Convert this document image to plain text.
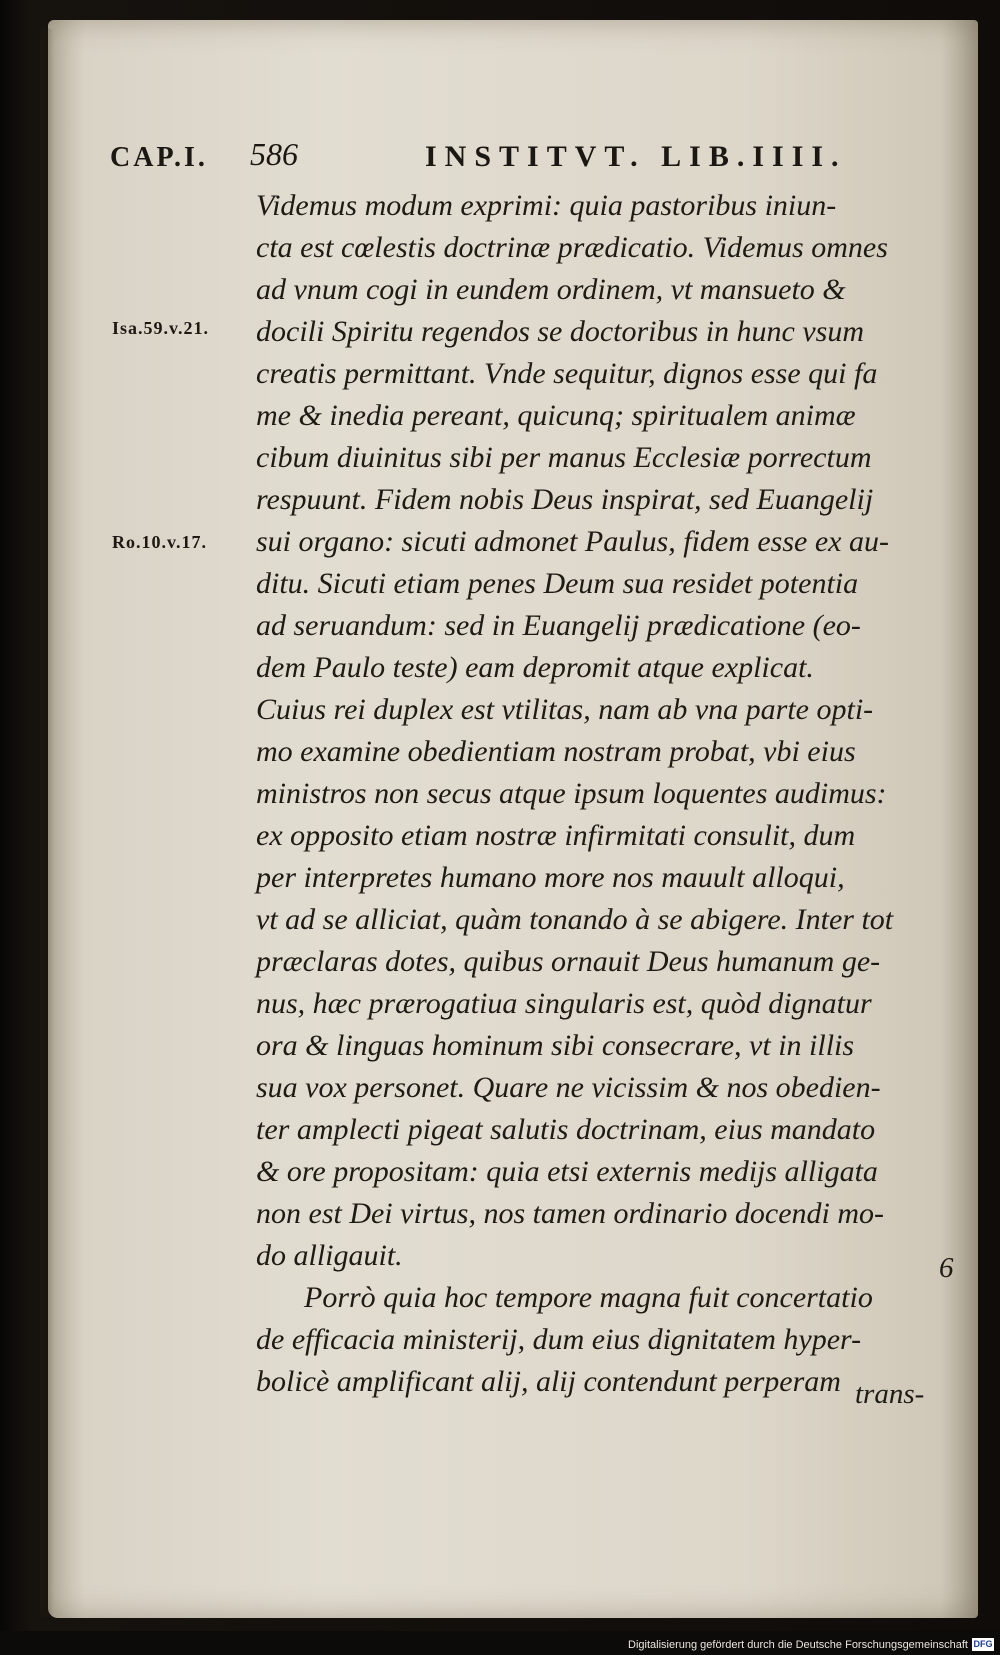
CAP.I. 586	INSTITVT. LIB.IIII.
Isa.59.v.21.
Ro.10.v.17.
Videmus modum exprimi: quia pastoribus iniun-
cta est cœlestis doctrinæ prædicatio. Videmus omnes
ad vnum cogi in eundem ordinem, vt mansueto &
docili Spiritu regendos se doctoribus in hunc vsum
creatis permittant. Vnde sequitur, dignos esse qui fa
me & inedia pereant, quicunq; spiritualem animæ
cibum diuinitus sibi per manus Ecclesiæ porrectum
respuunt. Fidem nobis Deus inspirat, sed Euangelij
sui organo: sicuti admonet Paulus, fidem esse ex au-
ditu. Sicuti etiam penes Deum sua residet potentia
ad seruandum: sed in Euangelij prædicatione (eo-
dem Paulo teste) eam depromit atque explicat.
Cuius rei duplex est vtilitas, nam ab vna parte opti-
mo examine obedientiam nostram probat, vbi eius
ministros non secus atque ipsum loquentes audimus:
ex opposito etiam nostræ infirmitati consulit, dum
per interpretes humano more nos mauult alloqui,
vt ad se alliciat, quàm tonando à se abigere. Inter tot
præclaras dotes, quibus ornauit Deus humanum ge-
nus, hæc prærogatiua singularis est, quòd dignatur
ora & linguas hominum sibi consecrare, vt in illis
sua vox personet. Quare ne vicissim & nos obedien-
ter amplecti pigeat salutis doctrinam, eius mandato
& ore propositam: quia etsi externis medijs alligata
non est Dei virtus, nos tamen ordinario docendi mo-
do alligauit.
Porrò quia hoc tempore magna fuit concertatio
de efficacia ministerij, dum eius dignitatem hyper-
bolicè amplificant alij, alij contendunt perperam
6
trans-
Digitalisierung gefördert durch die Deutsche Forschungsgemeinschaft DFG
